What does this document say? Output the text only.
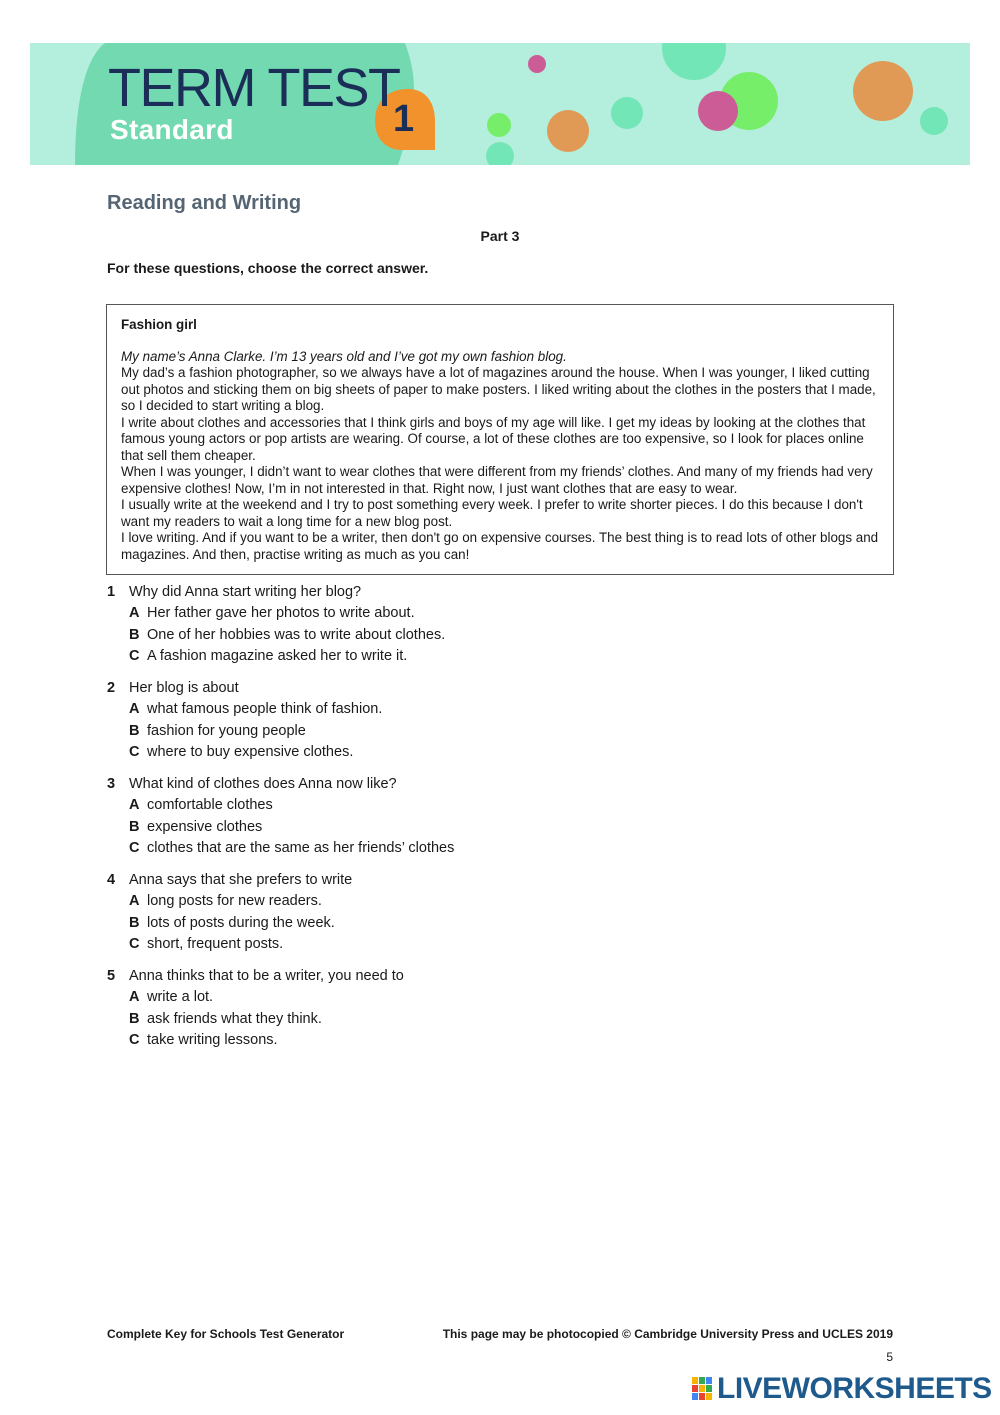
TERM TEST
Standard	1
Reading and Writing
Part 3
For these questions, choose the correct answer.
Fashion girl

My name’s Anna Clarke. I’m 13 years old and I’ve got my own fashion blog.

My dad’s a fashion photographer, so we always have a lot of magazines around the house. When I was younger, I liked cutting out photos and sticking them on big sheets of paper to make posters. I liked writing about the clothes in the posters that I made, so I decided to start writing a blog.

I write about clothes and accessories that I think girls and boys of my age will like. I get my ideas by looking at the clothes that famous young actors or pop artists are wearing. Of course, a lot of these clothes are too expensive, so I look for places online that sell them cheaper.

When I was younger, I didn’t want to wear clothes that were different from my friends’ clothes. And many of my friends had very expensive clothes! Now, I’m in not interested in that. Right now, I just want clothes that are easy to wear.

I usually write at the weekend and I try to post something every week. I prefer to write shorter pieces. I do this because I don't want my readers to wait a long time for a new blog post.

I love writing. And if you want to be a writer, then don't go on expensive courses. The best thing is to read lots of other blogs and magazines. And then, practise writing as much as you can!

1 Why did Anna start writing her blog?
A Her father gave her photos to write about.
B One of her hobbies was to write about clothes.
C A fashion magazine asked her to write it.
2 Her blog is about
A what famous people think of fashion.
B fashion for young people
C where to buy expensive clothes.
3 What kind of clothes does Anna now like?
A comfortable clothes
B expensive clothes
C clothes that are the same as her friends’ clothes
4 Anna says that she prefers to write
A long posts for new readers.
B lots of posts during the week.
C short, frequent posts.
5 Anna thinks that to be a writer, you need to
A write a lot.
B ask friends what they think.
C take writing lessons.
Complete Key for Schools Test Generator	This page may be photocopied © Cambridge University Press and UCLES 2019
5
LIVEWORKSHEETS
